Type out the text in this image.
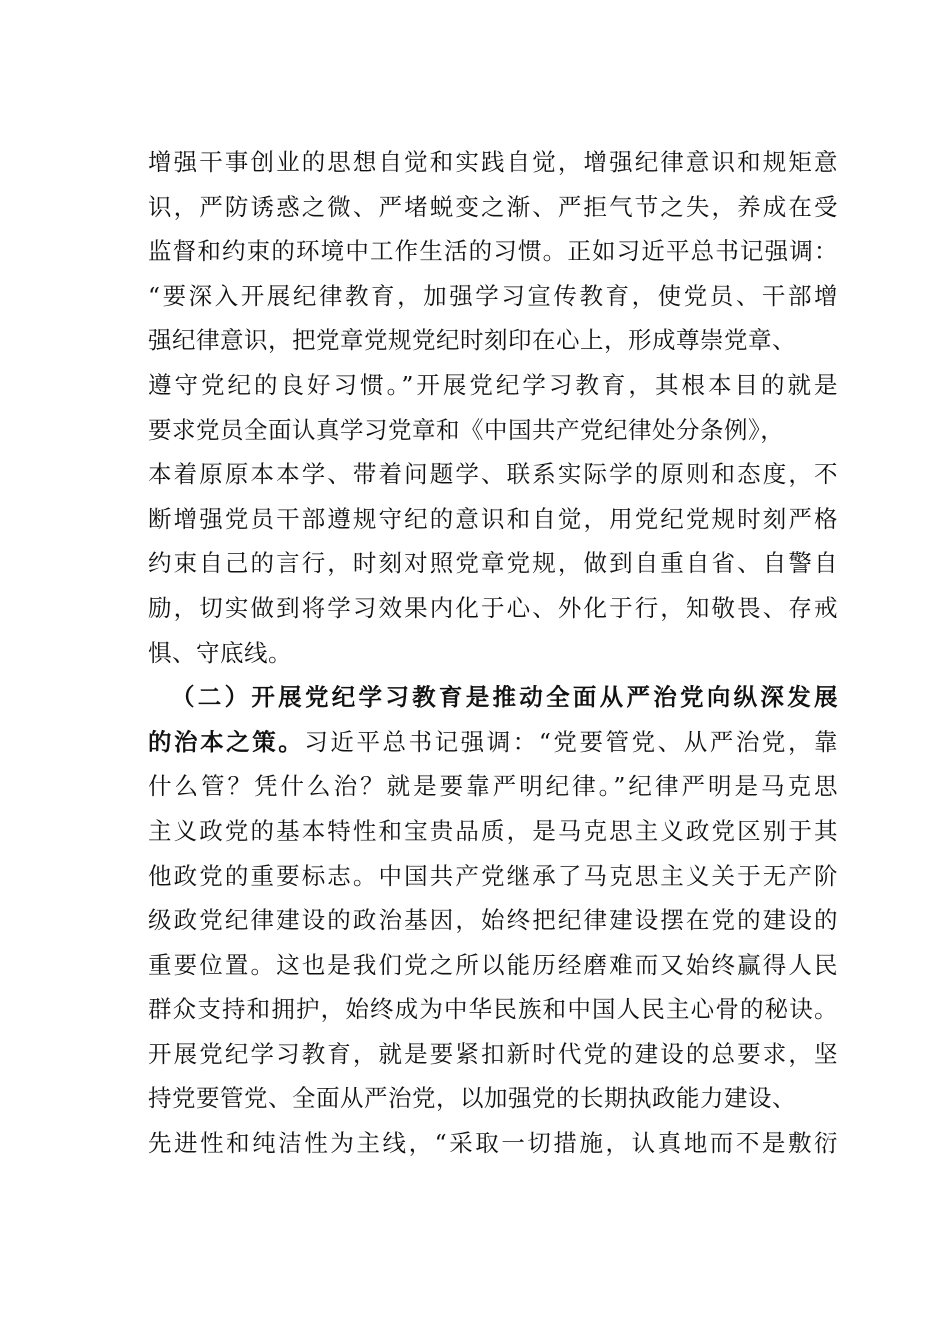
增强干事创业的思想自觉和实践自觉，增强纪律意识和规矩意
识，严防诱惑之微、严堵蜕变之渐、严拒气节之失，养成在受
监督和约束的环境中工作生活的习惯。正如习近平总书记强调：
“要深入开展纪律教育，加强学习宣传教育，使党员、干部增
强纪律意识，把党章党规党纪时刻印在心上，形成尊崇党章、
遵守党纪的良好习惯。”开展党纪学习教育，其根本目的就是
要求党员全面认真学习党章和《中国共产党纪律处分条例》，
本着原原本本学、带着问题学、联系实际学的原则和态度，不
断增强党员干部遵规守纪的意识和自觉，用党纪党规时刻严格
约束自己的言行，时刻对照党章党规，做到自重自省、自警自
励，切实做到将学习效果内化于心、外化于行，知敬畏、存戒
惧、守底线。
（二）开展党纪学习教育是推动全面从严治党向纵深发展
的治本之策。习近平总书记强调：“党要管党、从严治党，靠
什么管？凭什么治？就是要靠严明纪律。”纪律严明是马克思
主义政党的基本特性和宝贵品质，是马克思主义政党区别于其
他政党的重要标志。中国共产党继承了马克思主义关于无产阶
级政党纪律建设的政治基因，始终把纪律建设摆在党的建设的
重要位置。这也是我们党之所以能历经磨难而又始终赢得人民
群众支持和拥护，始终成为中华民族和中国人民主心骨的秘诀。
开展党纪学习教育，就是要紧扣新时代党的建设的总要求，坚
持党要管党、全面从严治党，以加强党的长期执政能力建设、
先进性和纯洁性为主线，“采取一切措施，认真地而不是敷衍
